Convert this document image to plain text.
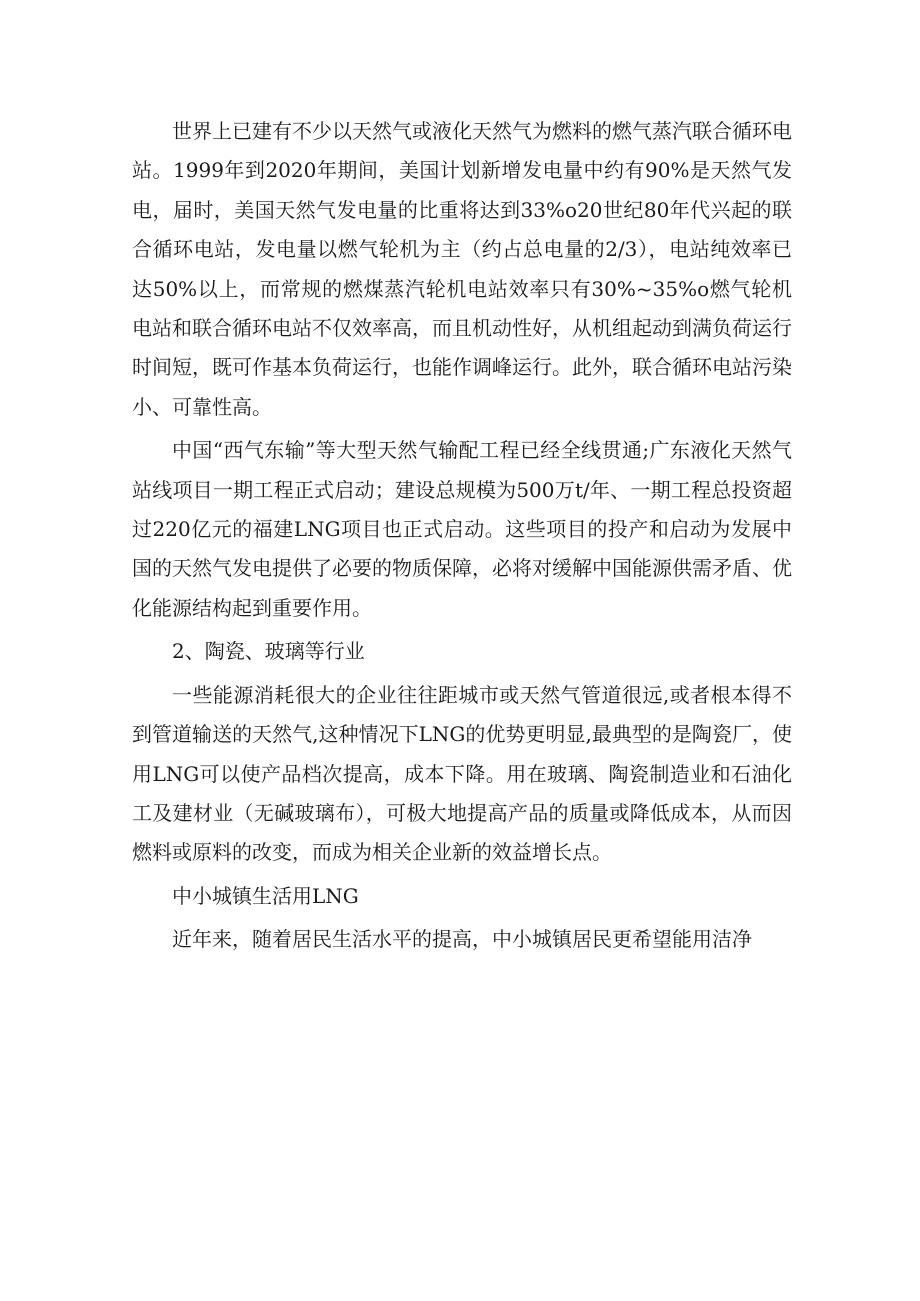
世界上已建有不少以天然气或液化天然气为燃料的燃气蒸汽联合循环电站。1999年到2020年期间，美国计划新增发电量中约有90%是天然气发电，届时，美国天然气发电量的比重将达到33%o20世纪80年代兴起的联合循环电站，发电量以燃气轮机为主（约占总电量的2/3），电站纯效率已达50%以上，而常规的燃煤蒸汽轮机电站效率只有30%~35%o燃气轮机电站和联合循环电站不仅效率高，而且机动性好，从机组起动到满负荷运行时间短，既可作基本负荷运行，也能作调峰运行。此外，联合循环电站污染小、可靠性高。

中国“西气东输”等大型天然气输配工程已经全线贯通;广东液化天然气站线项目一期工程正式启动；建设总规模为500万t/年、一期工程总投资超过220亿元的福建LNG项目也正式启动。这些项目的投产和启动为发展中国的天然气发电提供了必要的物质保障，必将对缓解中国能源供需矛盾、优化能源结构起到重要作用。

2、陶瓷、玻璃等行业

一些能源消耗很大的企业往往距城市或天然气管道很远,或者根本得不到管道输送的天然气,这种情况下LNG的优势更明显,最典型的是陶瓷厂，使用LNG可以使产品档次提高，成本下降。用在玻璃、陶瓷制造业和石油化工及建材业（无碱玻璃布），可极大地提高产品的质量或降低成本，从而因燃料或原料的改变，而成为相关企业新的效益增长点。

中小城镇生活用LNG

近年来，随着居民生活水平的提高，中小城镇居民更希望能用洁净
